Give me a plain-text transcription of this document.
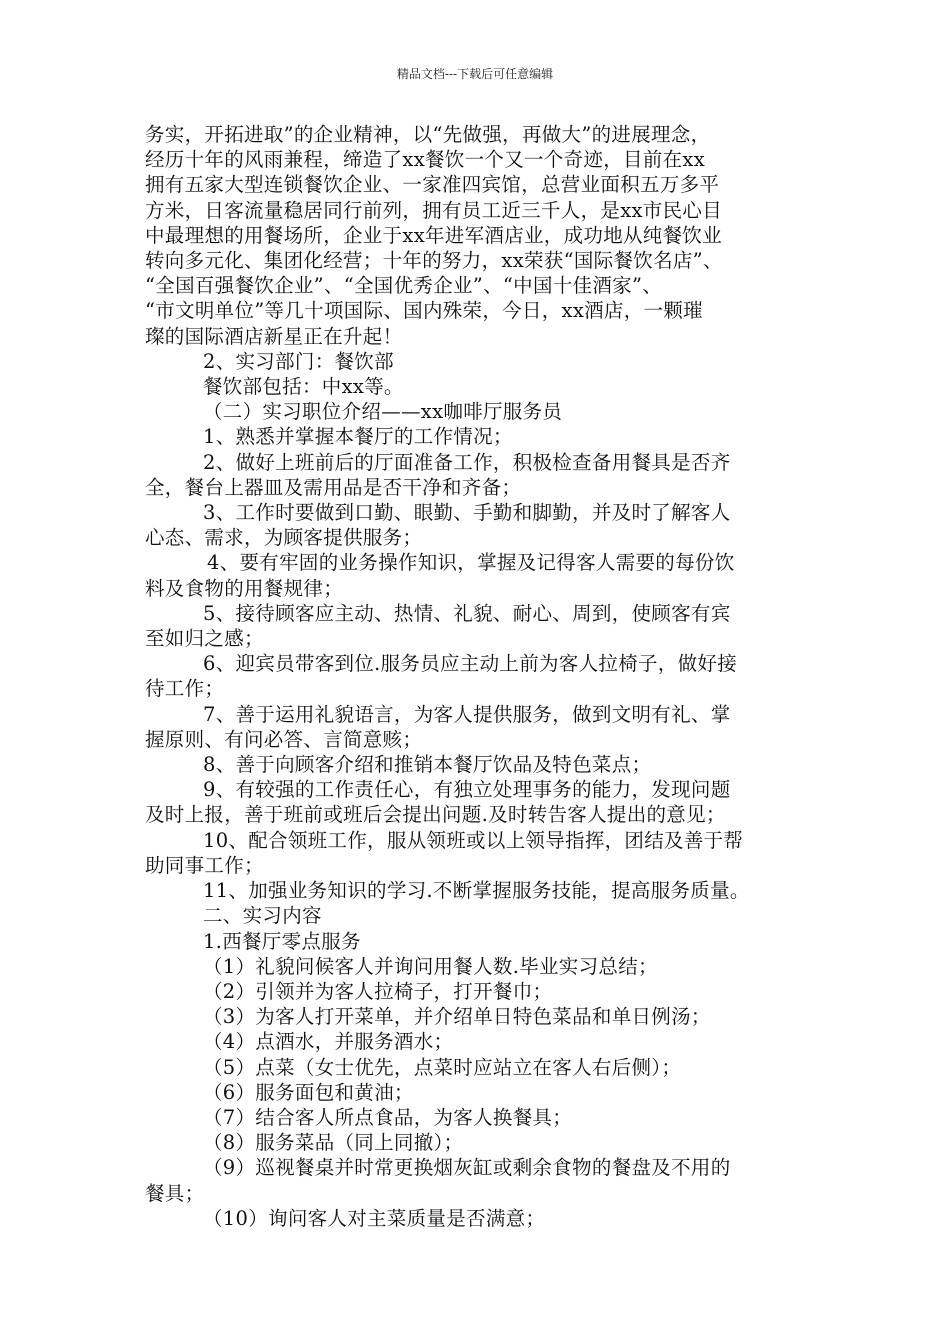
精品文档---下载后可任意编辑

务实，开拓进取”的企业精神，以“先做强，再做大”的进展理念，

经历十年的风雨兼程，缔造了xx餐饮一个又一个奇迹，目前在xx

拥有五家大型连锁餐饮企业、一家准四宾馆，总营业面积五万多平

方米，日客流量稳居同行前列，拥有员工近三千人，是xx市民心目

中最理想的用餐场所，企业于xx年进军酒店业，成功地从纯餐饮业

转向多元化、集团化经营；十年的努力，xx荣获“国际餐饮名店”、

“全国百强餐饮企业”、“全国优秀企业”、“中国十佳酒家”、

“市文明单位”等几十项国际、国内殊荣，今日，xx酒店，一颗璀

璨的国际酒店新星正在升起！

2、实习部门：餐饮部

餐饮部包括：中xx等。

（二）实习职位介绍——xx咖啡厅服务员

1、熟悉并掌握本餐厅的工作情况；

2、做好上班前后的厅面准备工作，积极检查备用餐具是否齐

全，餐台上器皿及需用品是否干净和齐备；

3、工作时要做到口勤、眼勤、手勤和脚勤，并及时了解客人

心态、需求，为顾客提供服务；

4、要有牢固的业务操作知识，掌握及记得客人需要的每份饮

料及食物的用餐规律；

5、接待顾客应主动、热情、礼貌、耐心、周到，使顾客有宾

至如归之感；

6、迎宾员带客到位.服务员应主动上前为客人拉椅子，做好接

待工作；

7、善于运用礼貌语言，为客人提供服务，做到文明有礼、掌

握原则、有问必答、言简意赅；

8、善于向顾客介绍和推销本餐厅饮品及特色菜点；

9、有较强的工作责任心，有独立处理事务的能力，发现问题

及时上报，善于班前或班后会提出问题.及时转告客人提出的意见；

10、配合领班工作，服从领班或以上领导指挥，团结及善于帮

助同事工作；

11、加强业务知识的学习.不断掌握服务技能，提高服务质量。

二、实习内容

1.西餐厅零点服务

（1）礼貌问候客人并询问用餐人数.毕业实习总结；

（2）引领并为客人拉椅子，打开餐巾；

（3）为客人打开菜单，并介绍单日特色菜品和单日例汤；

（4）点酒水，并服务酒水；

（5）点菜（女士优先，点菜时应站立在客人右后侧）；

（6）服务面包和黄油；

（7）结合客人所点食品，为客人换餐具；

（8）服务菜品（同上同撤）；

（9）巡视餐桌并时常更换烟灰缸或剩余食物的餐盘及不用的

餐具；

（10）询问客人对主菜质量是否满意；
